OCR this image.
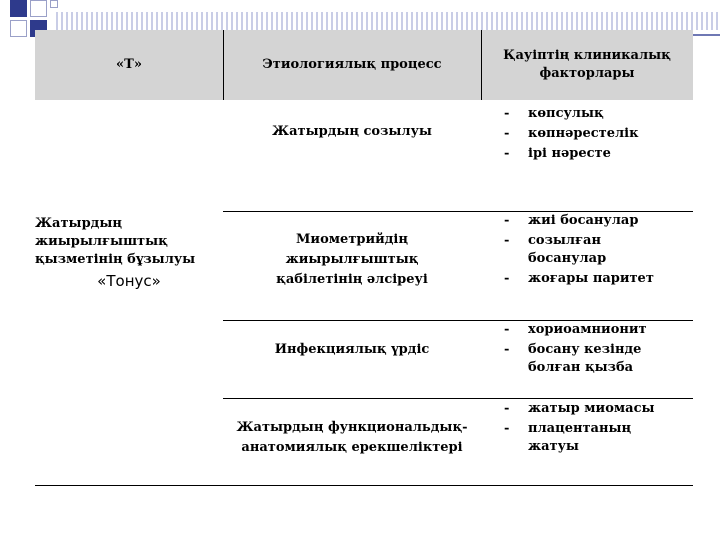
«Т»	Этиологиялық процесс
Қауіптің клиникалық факторлары
Жатырдың жиырылғыштық қызметінің бұзылуы
«Тонус»
Жатырдың созылуы
- көпсулық
- көпнәрестелік
- ірі нәресте
Миометрийдің жиырылғыштық қабілетінің әлсіреуі
- жиі босанулар
- созылған босанулар
- жоғары паритет
Инфекциялық үрдіс
- хориоамнионит
- босану кезінде болған қызба
Жатырдың функциональдық-анатомиялық ерекшеліктері
- жатыр миомасы
- плацентаның жатуы
